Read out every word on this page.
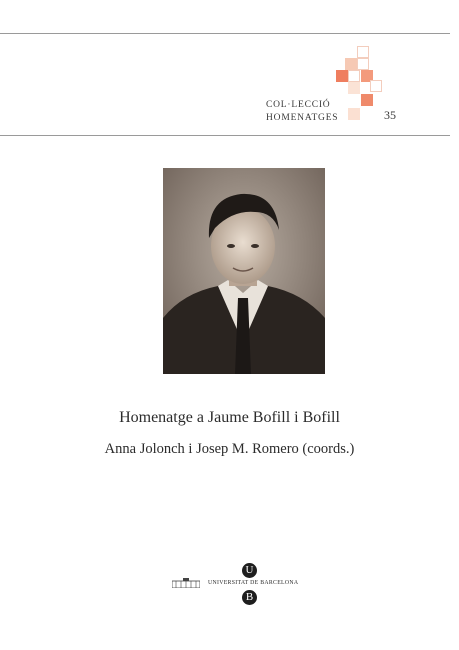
COL·LECCIÓ
HOMENATGES	35
Homenatge a Jaume Bofill i Bofill
Anna Jolonch i Josep M. Romero (coords.)
U
UNIVERSITAT DE BARCELONA
B
